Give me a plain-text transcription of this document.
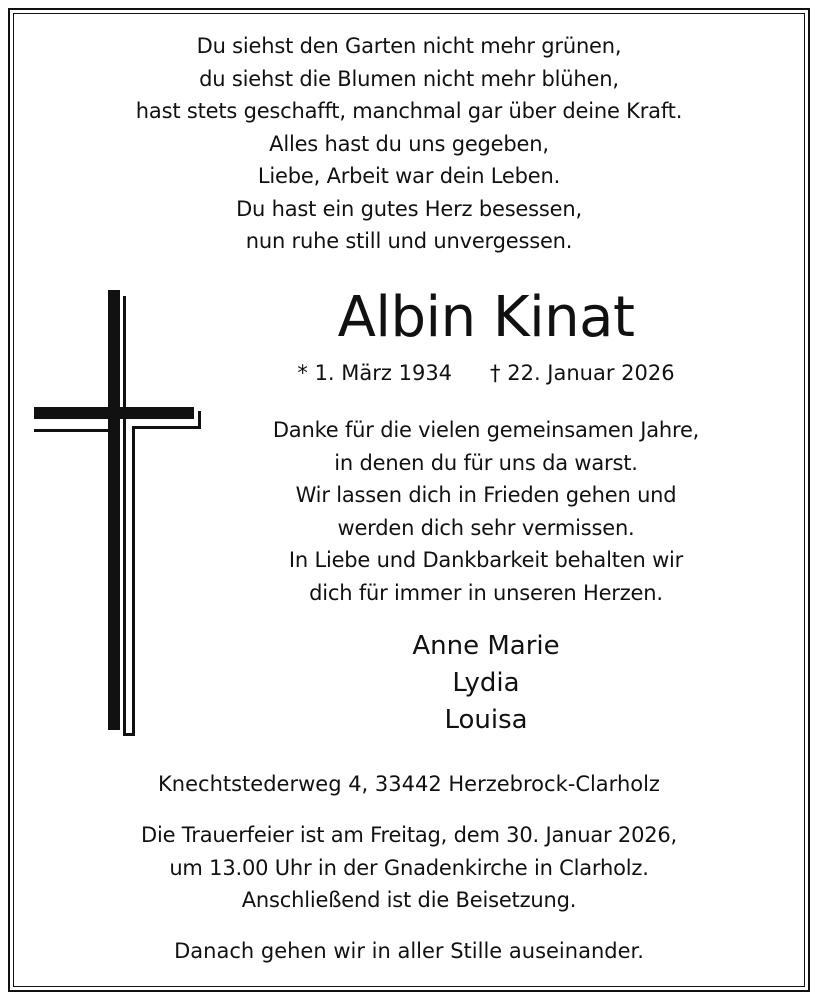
Du siehst den Garten nicht mehr grünen,
du siehst die Blumen nicht mehr blühen,
hast stets geschafft, manchmal gar über deine Kraft.
Alles hast du uns gegeben,
Liebe, Arbeit war dein Leben.
Du hast ein gutes Herz besessen,
nun ruhe still und unvergessen.
Albin Kinat
* 1. März 1934 † 22. Januar 2026
Danke für die vielen gemeinsamen Jahre,
in denen du für uns da warst.
Wir lassen dich in Frieden gehen und
werden dich sehr vermissen.
In Liebe und Dankbarkeit behalten wir
dich für immer in unseren Herzen.
Anne Marie
Lydia
Louisa
Knechtstederweg 4, 33442 Herzebrock-Clarholz
Die Trauerfeier ist am Freitag, dem 30. Januar 2026,
um 13.00 Uhr in der Gnadenkirche in Clarholz.
Anschließend ist die Beisetzung.
Danach gehen wir in aller Stille auseinander.
